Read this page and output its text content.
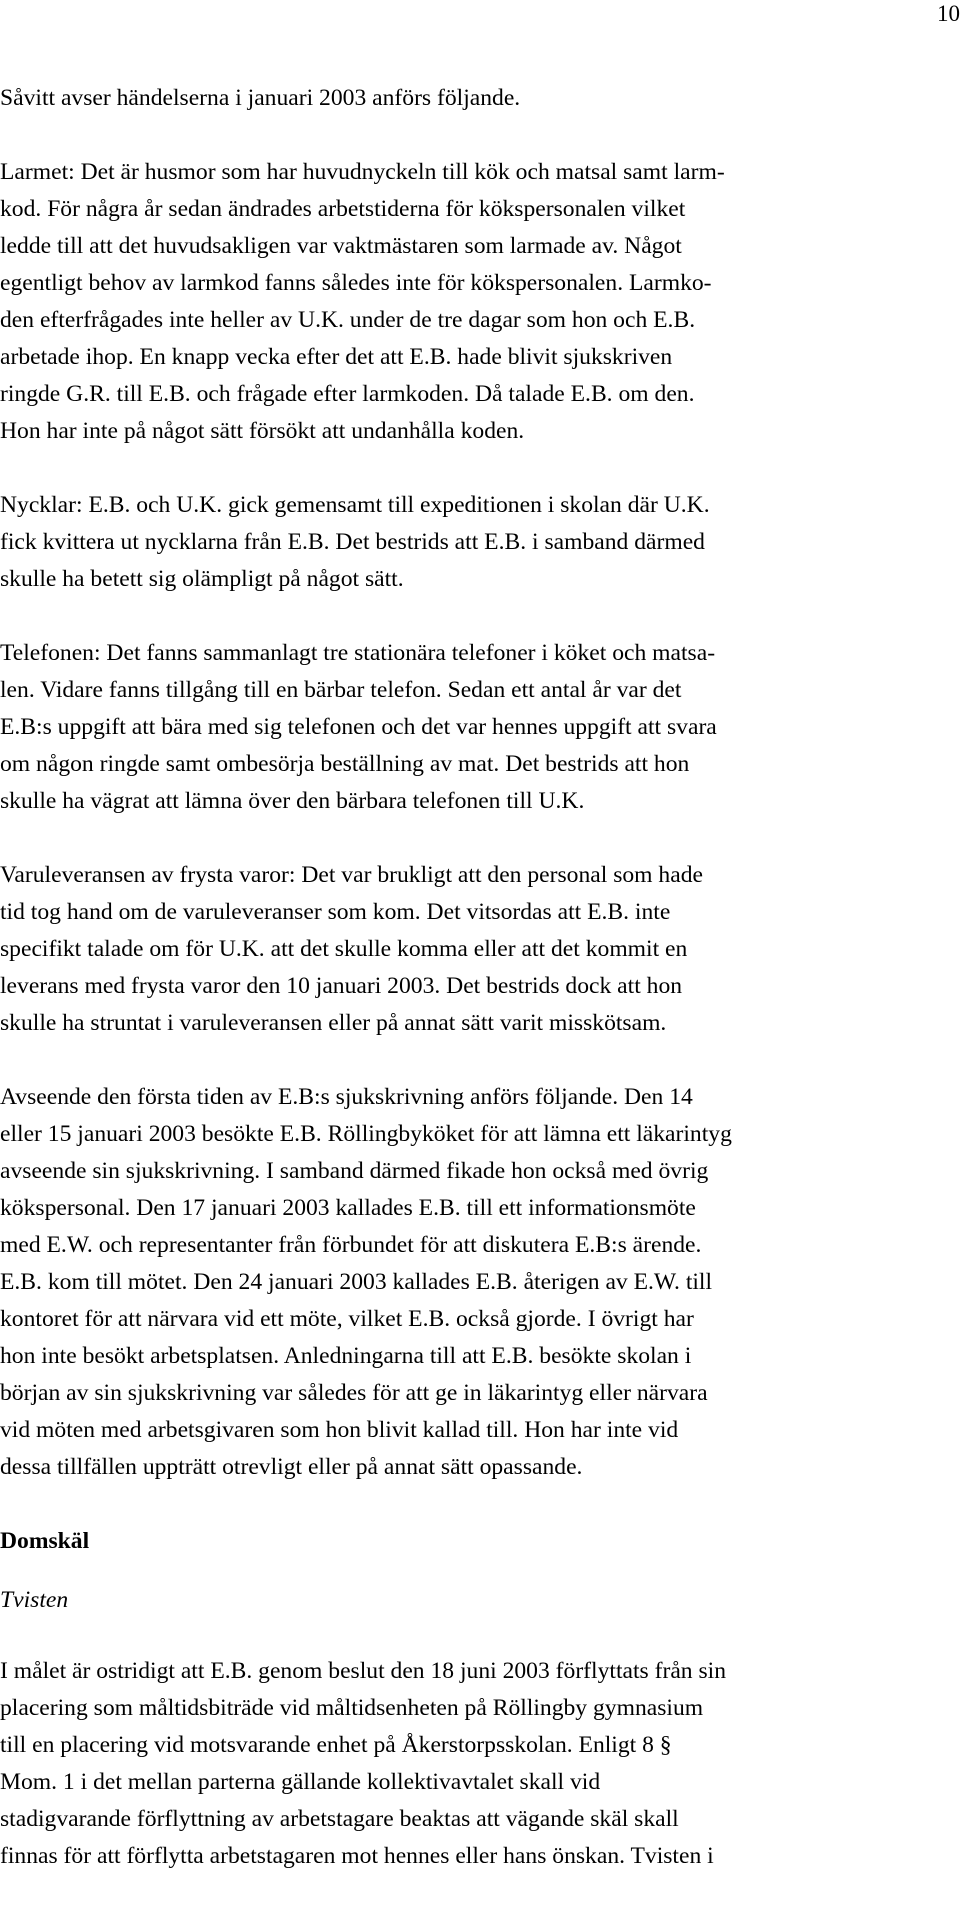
10
Såvitt avser händelserna i januari 2003 anförs följande.
Larmet: Det är husmor som har huvudnyckeln till kök och matsal samt larm-
kod. För några år sedan ändrades arbetstiderna för kökspersonalen vilket
ledde till att det huvudsakligen var vaktmästaren som larmade av. Något
egentligt behov av larmkod fanns således inte för kökspersonalen. Larmko-
den efterfrågades inte heller av U.K. under de tre dagar som hon och E.B.
arbetade ihop. En knapp vecka efter det att E.B. hade blivit sjukskriven
ringde G.R. till E.B. och frågade efter larmkoden. Då talade E.B. om den.
Hon har inte på något sätt försökt att undanhålla koden.
Nycklar: E.B. och U.K. gick gemensamt till expeditionen i skolan där U.K.
fick kvittera ut nycklarna från E.B. Det bestrids att E.B. i samband därmed
skulle ha betett sig olämpligt på något sätt.
Telefonen: Det fanns sammanlagt tre stationära telefoner i köket och matsa-
len. Vidare fanns tillgång till en bärbar telefon. Sedan ett antal år var det
E.B:s uppgift att bära med sig telefonen och det var hennes uppgift att svara
om någon ringde samt ombesörja beställning av mat. Det bestrids att hon
skulle ha vägrat att lämna över den bärbara telefonen till U.K.
Varuleveransen av frysta varor: Det var brukligt att den personal som hade
tid tog hand om de varuleveranser som kom. Det vitsordas att E.B. inte
specifikt talade om för U.K. att det skulle komma eller att det kommit en
leverans med frysta varor den 10 januari 2003. Det bestrids dock att hon
skulle ha struntat i varuleveransen eller på annat sätt varit misskötsam.
Avseende den första tiden av E.B:s sjukskrivning anförs följande. Den 14
eller 15 januari 2003 besökte E.B. Röllingbyköket för att lämna ett läkarintyg
avseende sin sjukskrivning. I samband därmed fikade hon också med övrig
kökspersonal. Den 17 januari 2003 kallades E.B. till ett informationsmöte
med E.W. och representanter från förbundet för att diskutera E.B:s ärende.
E.B. kom till mötet. Den 24 januari 2003 kallades E.B. återigen av E.W. till
kontoret för att närvara vid ett möte, vilket E.B. också gjorde. I övrigt har
hon inte besökt arbetsplatsen. Anledningarna till att E.B. besökte skolan i
början av sin sjukskrivning var således för att ge in läkarintyg eller närvara
vid möten med arbetsgivaren som hon blivit kallad till. Hon har inte vid
dessa tillfällen uppträtt otrevligt eller på annat sätt opassande.
Domskäl
Tvisten
I målet är ostridigt att E.B. genom beslut den 18 juni 2003 förflyttats från sin
placering som måltidsbiträde vid måltidsenheten på Röllingby gymnasium
till en placering vid motsvarande enhet på Åkerstorpsskolan. Enligt 8 §
Mom. 1 i det mellan parterna gällande kollektivavtalet skall vid
stadigvarande förflyttning av arbetstagare beaktas att vägande skäl skall
finnas för att förflytta arbetstagaren mot hennes eller hans önskan. Tvisten i
